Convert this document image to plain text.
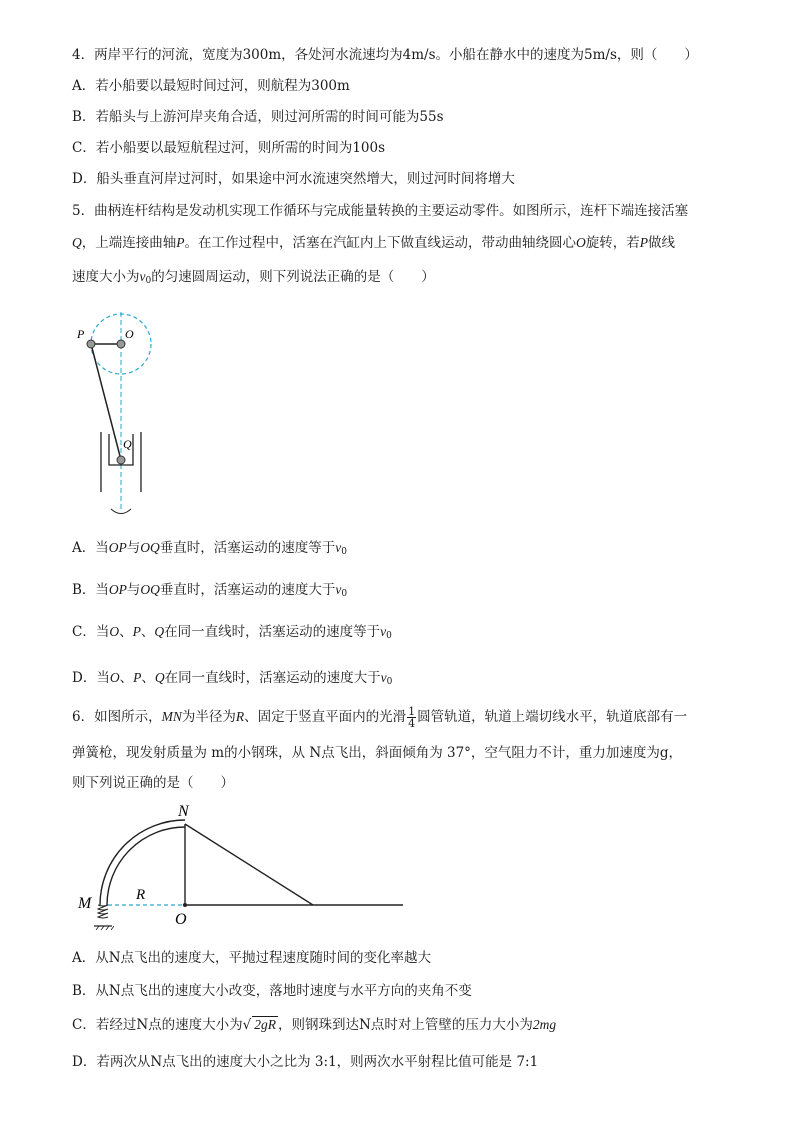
4．两岸平行的河流，宽度为300m，各处河水流速均为4m/s。小船在静水中的速度为5m/s，则（　　）
A．若小船要以最短时间过河，则航程为300m
B．若船头与上游河岸夹角合适，则过河所需的时间可能为55s
C．若小船要以最短航程过河，则所需的时间为100s
D．船头垂直河岸过河时，如果途中河水流速突然增大，则过河时间将增大
5．曲柄连杆结构是发动机实现工作循环与完成能量转换的主要运动零件。如图所示，连杆下端连接活塞
Q，上端连接曲轴P。在工作过程中，活塞在汽缸内上下做直线运动，带动曲轴绕圆心O旋转，若P做线
速度大小为$v_0$的匀速圆周运动，则下列说法正确的是（　　）
P	O
Q
A．当OP与OQ垂直时，活塞运动的速度等于$v_0$
B．当OP与OQ垂直时，活塞运动的速度大于$v_0$
C．当O、P、Q在同一直线时，活塞运动的速度等于$v_0$
D．当O、P、Q在同一直线时，活塞运动的速度大于$v_0$
6．如图所示，MN为半径为R、固定于竖直平面内的光滑 $\frac{1}{4}$ 圆管轨道，轨道上端切线水平，轨道底部有一
弹簧枪，现发射质量为 m的小钢珠，从 N点飞出，斜面倾角为 37°，空气阻力不计，重力加速度为g，
则下列说正确的是（　　）
N
M	R
O
A．从N点飞出的速度大，平抛过程速度随时间的变化率越大
B．从N点飞出的速度大小改变，落地时速度与水平方向的夹角不变
C．若经过N点的速度大小为√ 2gR ，则钢珠到达N点时对上管壁的压力大小为2mg
D．若两次从N点飞出的速度大小之比为 3:1，则两次水平射程比值可能是 7:1
